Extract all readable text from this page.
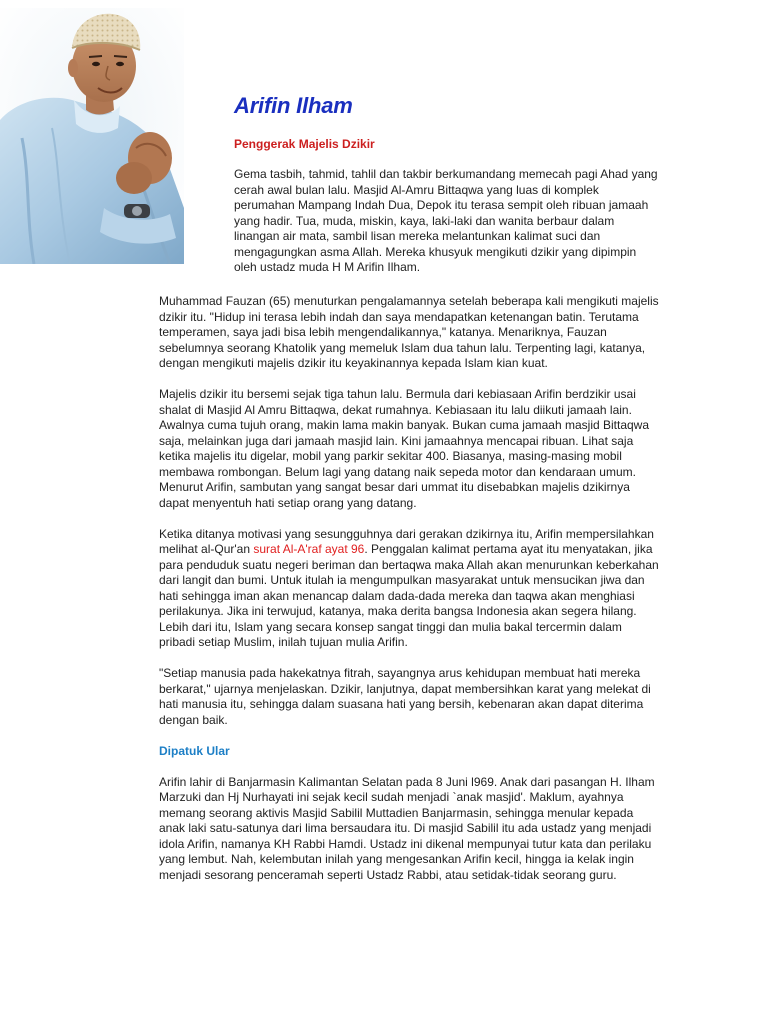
Arifin Ilham
Penggerak Majelis Dzikir

Gema tasbih, tahmid, tahlil dan takbir berkumandang memecah pagi Ahad yang cerah awal bulan lalu. Masjid Al-Amru Bittaqwa yang luas di komplek perumahan Mampang Indah Dua, Depok itu terasa sempit oleh ribuan jamaah yang hadir. Tua, muda, miskin, kaya, laki-laki dan wanita berbaur dalam linangan air mata, sambil lisan mereka melantunkan kalimat suci dan mengagungkan asma Allah. Mereka khusyuk mengikuti dzikir yang dipimpin oleh ustadz muda H M Arifin Ilham.

Muhammad Fauzan (65) menuturkan pengalamannya setelah beberapa kali mengikuti majelis dzikir itu. "Hidup ini terasa lebih indah dan saya mendapatkan ketenangan batin. Terutama temperamen, saya jadi bisa lebih mengendalikannya," katanya. Menariknya, Fauzan sebelumnya seorang Khatolik yang memeluk Islam dua tahun lalu. Terpenting lagi, katanya, dengan mengikuti majelis dzikir itu keyakinannya kepada Islam kian kuat.

Majelis dzikir itu bersemi sejak tiga tahun lalu. Bermula dari kebiasaan Arifin berdzikir usai shalat di Masjid Al Amru Bittaqwa, dekat rumahnya. Kebiasaan itu lalu diikuti jamaah lain. Awalnya cuma tujuh orang, makin lama makin banyak. Bukan cuma jamaah masjid Bittaqwa saja, melainkan juga dari jamaah masjid lain. Kini jamaahnya mencapai ribuan. Lihat saja ketika majelis itu digelar, mobil yang parkir sekitar 400. Biasanya, masing-masing mobil membawa rombongan. Belum lagi yang datang naik sepeda motor dan kendaraan umum. Menurut Arifin, sambutan yang sangat besar dari ummat itu disebabkan majelis dzikirnya dapat menyentuh hati setiap orang yang datang.

Ketika ditanya motivasi yang sesungguhnya dari gerakan dzikirnya itu, Arifin mempersilahkan melihat al-Qur'an surat Al-A'raf ayat 96. Penggalan kalimat pertama ayat itu menyatakan, jika para penduduk suatu negeri beriman dan bertaqwa maka Allah akan menurunkan keberkahan dari langit dan bumi. Untuk itulah ia mengumpulkan masyarakat untuk mensucikan jiwa dan hati sehingga iman akan menancap dalam dada-dada mereka dan taqwa akan menghiasi perilakunya. Jika ini terwujud, katanya, maka derita bangsa Indonesia akan segera hilang. Lebih dari itu, Islam yang secara konsep sangat tinggi dan mulia bakal tercermin dalam pribadi setiap Muslim, inilah tujuan mulia Arifin.

"Setiap manusia pada hakekatnya fitrah, sayangnya arus kehidupan membuat hati mereka berkarat," ujarnya menjelaskan. Dzikir, lanjutnya, dapat membersihkan karat yang melekat di hati manusia itu, sehingga dalam suasana hati yang bersih, kebenaran akan dapat diterima dengan baik.

Dipatuk Ular

Arifin lahir di Banjarmasin Kalimantan Selatan pada 8 Juni l969. Anak dari pasangan H. Ilham Marzuki dan Hj Nurhayati ini sejak kecil sudah menjadi `anak masjid'. Maklum, ayahnya memang seorang aktivis Masjid Sabilil Muttadien Banjarmasin, sehingga menular kepada anak laki satu-satunya dari lima bersaudara itu. Di masjid Sabilil itu ada ustadz yang menjadi idola Arifin, namanya KH Rabbi Hamdi. Ustadz ini dikenal mempunyai tutur kata dan perilaku yang lembut. Nah, kelembutan inilah yang mengesankan Arifin kecil, hingga ia kelak ingin menjadi sesorang penceramah seperti Ustadz Rabbi, atau setidak-tidak seorang guru.
